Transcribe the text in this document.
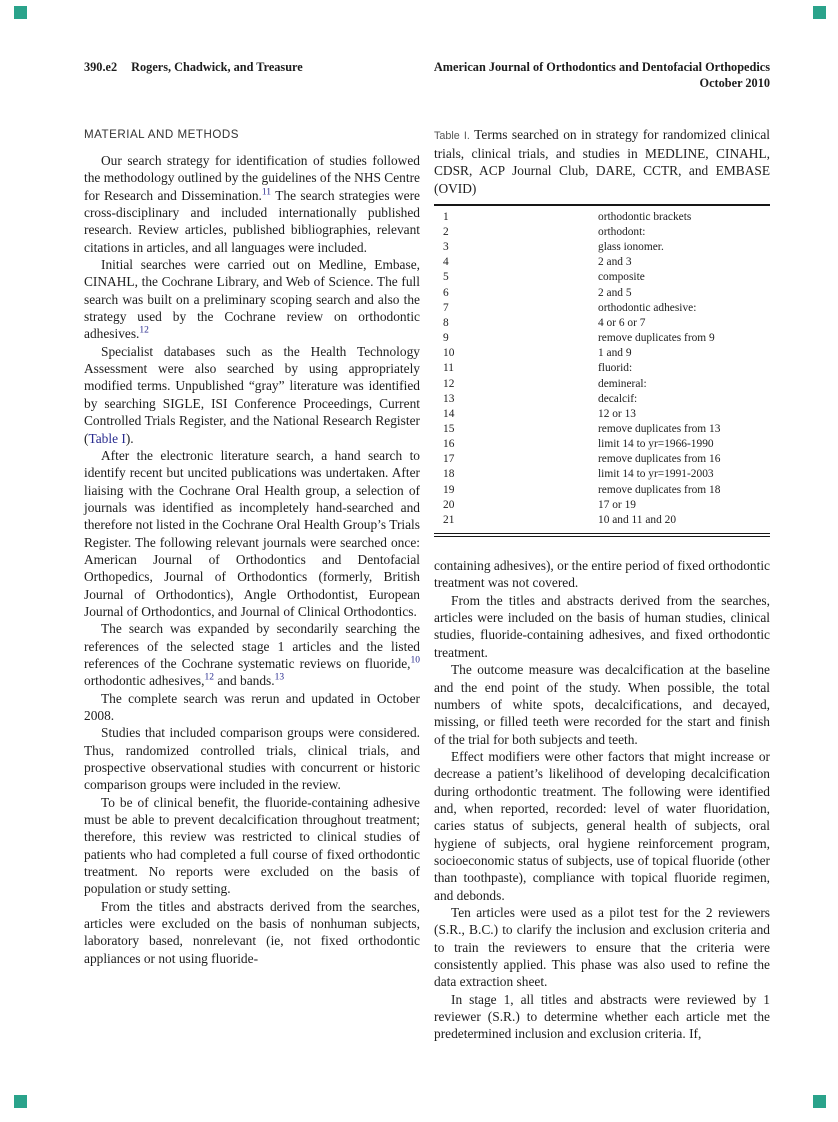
390.e2 Rogers, Chadwick, and Treasure	American Journal of Orthodontics and Dentofacial Orthopedics
October 2010
MATERIAL AND METHODS

Our search strategy for identification of studies followed the methodology outlined by the guidelines of the NHS Centre for Research and Dissemination.$^{11}$ The search strategies were cross-disciplinary and included internationally published research. Review articles, published bibliographies, relevant citations in articles, and all languages were included.

Initial searches were carried out on Medline, Embase, CINAHL, the Cochrane Library, and Web of Science. The full search was built on a preliminary scoping search and also the strategy used by the Cochrane review on orthodontic adhesives.$^{12}$

Specialist databases such as the Health Technology Assessment were also searched by using appropriately modified terms. Unpublished “gray” literature was identified by searching SIGLE, ISI Conference Proceedings, Current Controlled Trials Register, and the National Research Register (Table I).

After the electronic literature search, a hand search to identify recent but uncited publications was undertaken. After liaising with the Cochrane Oral Health group, a selection of journals was identified as incompletely hand-searched and therefore not listed in the Cochrane Oral Health Group’s Trials Register. The following relevant journals were searched once: American Journal of Orthodontics and Dentofacial Orthopedics, Journal of Orthodontics (formerly, British Journal of Orthodontics), Angle Orthodontist, European Journal of Orthodontics, and Journal of Clinical Orthodontics.

The search was expanded by secondarily searching the references of the selected stage 1 articles and the listed references of the Cochrane systematic reviews on fluoride,$^{10}$ orthodontic adhesives,$^{12}$ and bands.$^{13}$

The complete search was rerun and updated in October 2008.

Studies that included comparison groups were considered. Thus, randomized controlled trials, clinical trials, and prospective observational studies with concurrent or historic comparison groups were included in the review.

To be of clinical benefit, the fluoride-containing adhesive must be able to prevent decalcification throughout treatment; therefore, this review was restricted to clinical studies of patients who had completed a full course of fixed orthodontic treatment. No reports were excluded on the basis of population or study setting.

From the titles and abstracts derived from the searches, articles were excluded on the basis of nonhuman subjects, laboratory based, nonrelevant (ie, not fixed orthodontic appliances or not using fluoride-

Table I. Terms searched on in strategy for randomized clinical trials, clinical trials, and studies in MEDLINE, CINAHL, CDSR, ACP Journal Club, DARE, CCTR, and EMBASE (OVID)

1	orthodontic brackets
2	orthodont:
3	glass ionomer.
4	2 and 3
5	composite
6	2 and 5
7	orthodontic adhesive:
8	4 or 6 or 7
9	remove duplicates from 9
10	1 and 9
11	fluorid:
12	demineral:
13	decalcif:
14	12 or 13
15	remove duplicates from 13
16	limit 14 to yr=1966-1990
17	remove duplicates from 16
18	limit 14 to yr=1991-2003
19	remove duplicates from 18
20	17 or 19
21	10 and 11 and 20

containing adhesives), or the entire period of fixed orthodontic treatment was not covered.

From the titles and abstracts derived from the searches, articles were included on the basis of human studies, clinical studies, fluoride-containing adhesives, and fixed orthodontic treatment.

The outcome measure was decalcification at the baseline and the end point of the study. When possible, the total numbers of white spots, decalcifications, and decayed, missing, or filled teeth were recorded for the start and finish of the trial for both subjects and teeth.

Effect modifiers were other factors that might increase or decrease a patient’s likelihood of developing decalcification during orthodontic treatment. The following were identified and, when reported, recorded: level of water fluoridation, caries status of subjects, general health of subjects, oral hygiene of subjects, oral hygiene reinforcement program, socioeconomic status of subjects, use of topical fluoride (other than toothpaste), compliance with topical fluoride regimen, and debonds.

Ten articles were used as a pilot test for the 2 reviewers (S.R., B.C.) to clarify the inclusion and exclusion criteria and to train the reviewers to ensure that the criteria were consistently applied. This phase was also used to refine the data extraction sheet.

In stage 1, all titles and abstracts were reviewed by 1 reviewer (S.R.) to determine whether each article met the predetermined inclusion and exclusion criteria. If,
